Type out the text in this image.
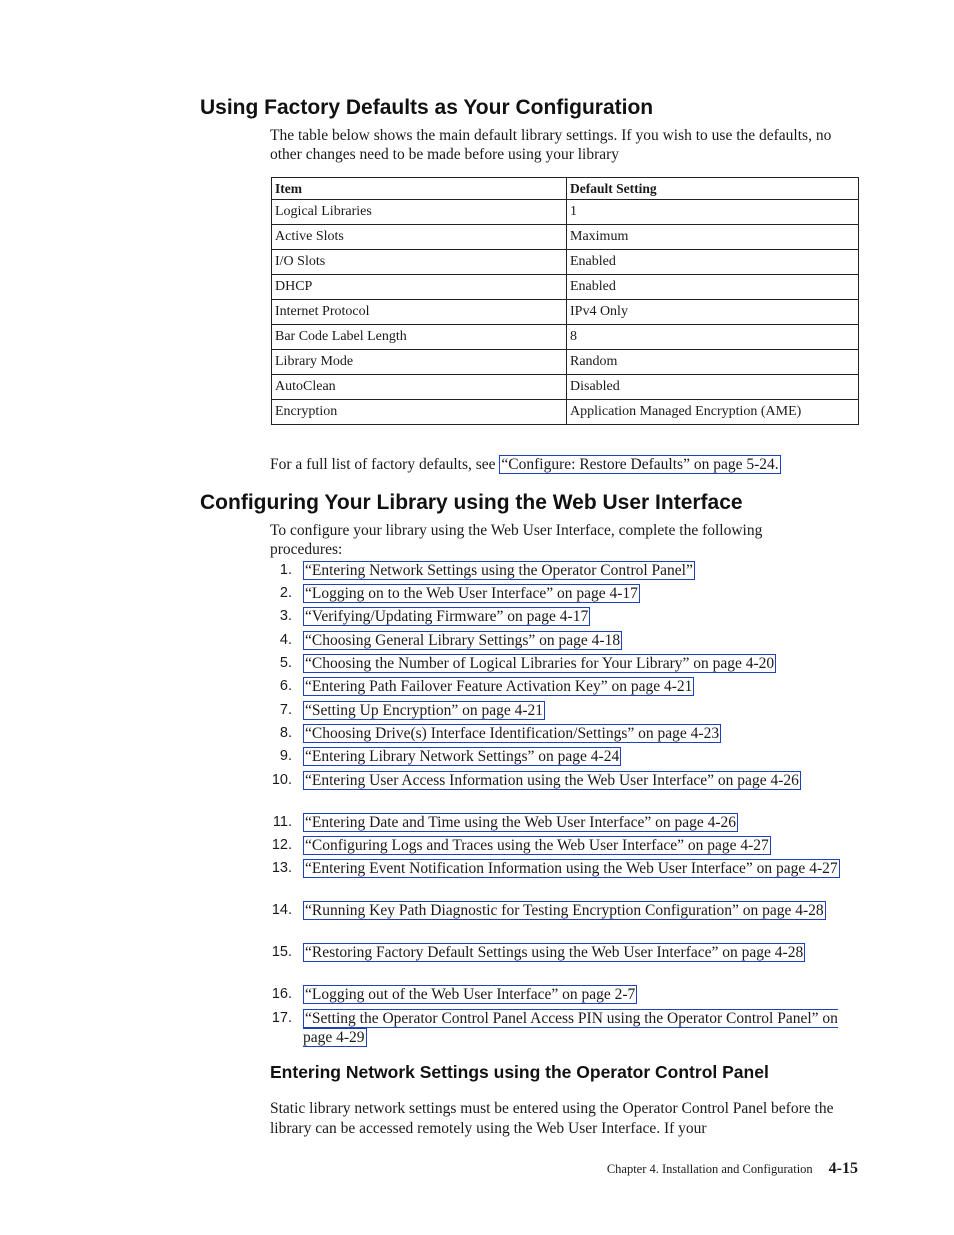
Using Factory Defaults as Your Configuration

The table below shows the main default library settings. If you wish to use the defaults, no other changes need to be made before using your library

Item	Default Setting
Logical Libraries	1
Active Slots	Maximum
I/O Slots	Enabled
DHCP	Enabled
Internet Protocol	IPv4 Only
Bar Code Label Length	8
Library Mode	Random
AutoClean	Disabled
Encryption	Application Managed Encryption (AME)

For a full list of factory defaults, see “Configure: Restore Defaults” on page 5-24.

Configuring Your Library using the Web User Interface

To configure your library using the Web User Interface, complete the following procedures:

1. “Entering Network Settings using the Operator Control Panel”
2. “Logging on to the Web User Interface” on page 4-17
3. “Verifying/Updating Firmware” on page 4-17
4. “Choosing General Library Settings” on page 4-18
5. “Choosing the Number of Logical Libraries for Your Library” on page 4-20
6. “Entering Path Failover Feature Activation Key” on page 4-21
7. “Setting Up Encryption” on page 4-21
8. “Choosing Drive(s) Interface Identification/Settings” on page 4-23
9. “Entering Library Network Settings” on page 4-24
10. “Entering User Access Information using the Web User Interface” on page 4-26
11. “Entering Date and Time using the Web User Interface” on page 4-26
12. “Configuring Logs and Traces using the Web User Interface” on page 4-27
13. “Entering Event Notification Information using the Web User Interface” on page 4-27
14. “Running Key Path Diagnostic for Testing Encryption Configuration” on page 4-28
15. “Restoring Factory Default Settings using the Web User Interface” on page 4-28
16. “Logging out of the Web User Interface” on page 2-7
17. “Setting the Operator Control Panel Access PIN using the Operator Control Panel” on page 4-29
Entering Network Settings using the Operator Control Panel

Static library network settings must be entered using the Operator Control Panel before the library can be accessed remotely using the Web User Interface. If your

Chapter 4. Installation and Configuration 4-15
